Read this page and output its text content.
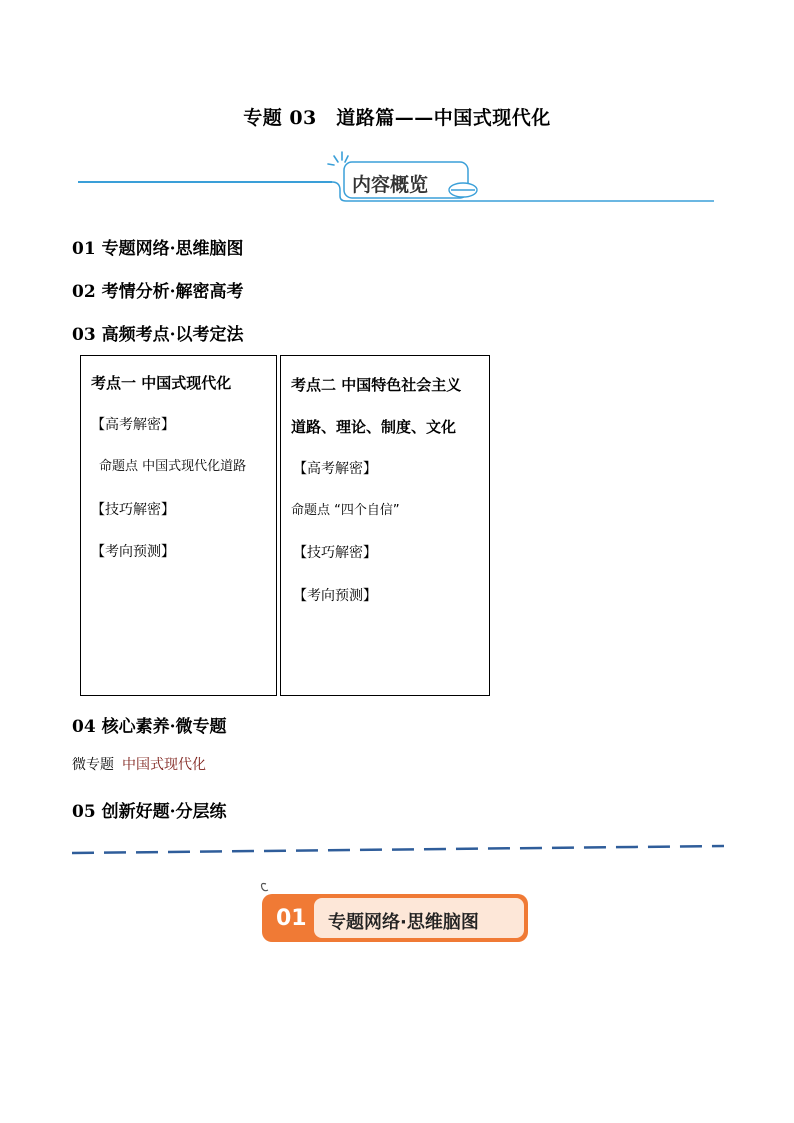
专题 03　道路篇——中国式现代化
内容概览
01 专题网络·思维脑图
02 考情分析·解密高考
03 高频考点·以考定法
考点一 中国式现代化
【高考解密】
命题点 中国式现代化道路
【技巧解密】
【考向预测】
考点二 中国特色社会主义
道路、理论、制度、文化
【高考解密】
命题点 “四个自信”
【技巧解密】
【考向预测】
04 核心素养·微专题
微专题 中国式现代化
05 创新好题·分层练
01 专题网络·思维脑图
